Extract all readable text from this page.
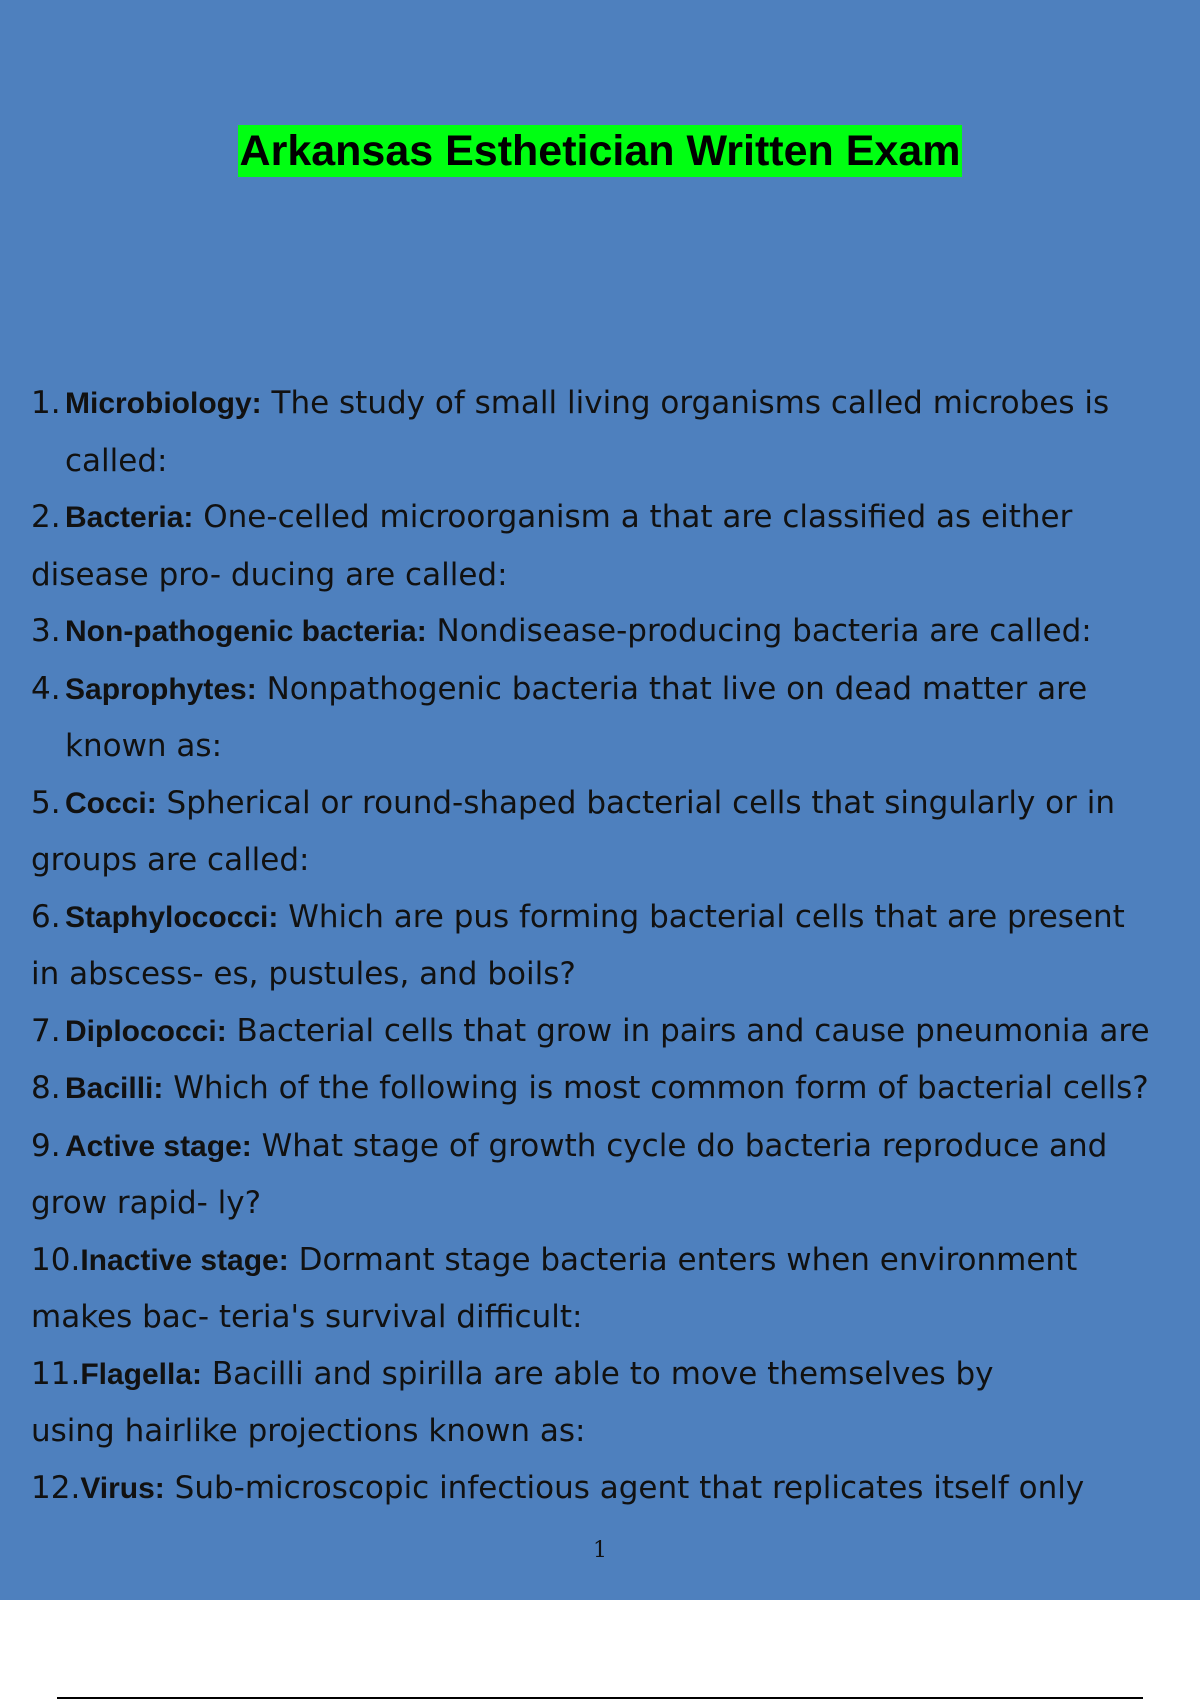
Arkansas Esthetician Written Exam
1. Microbiology: The study of small living organisms called microbes is
called:
2. Bacteria: One-celled microorganism a that are classified as either
disease pro- ducing are called:
3. Non-pathogenic bacteria: Nondisease-producing bacteria are called:
4. Saprophytes: Nonpathogenic bacteria that live on dead matter are
known as:
5. Cocci: Spherical or round-shaped bacterial cells that singularly or in
groups are called:
6. Staphylococci: Which are pus forming bacterial cells that are present
in abscess- es, pustules, and boils?
7. Diplococci: Bacterial cells that grow in pairs and cause pneumonia are
8. Bacilli: Which of the following is most common form of bacterial cells?
9. Active stage: What stage of growth cycle do bacteria reproduce and
grow rapid- ly?
10.Inactive stage: Dormant stage bacteria enters when environment
makes bac- teria's survival difficult:
11.Flagella: Bacilli and spirilla are able to move themselves by
using hairlike projections known as:
12.Virus: Sub-microscopic infectious agent that replicates itself only
1
